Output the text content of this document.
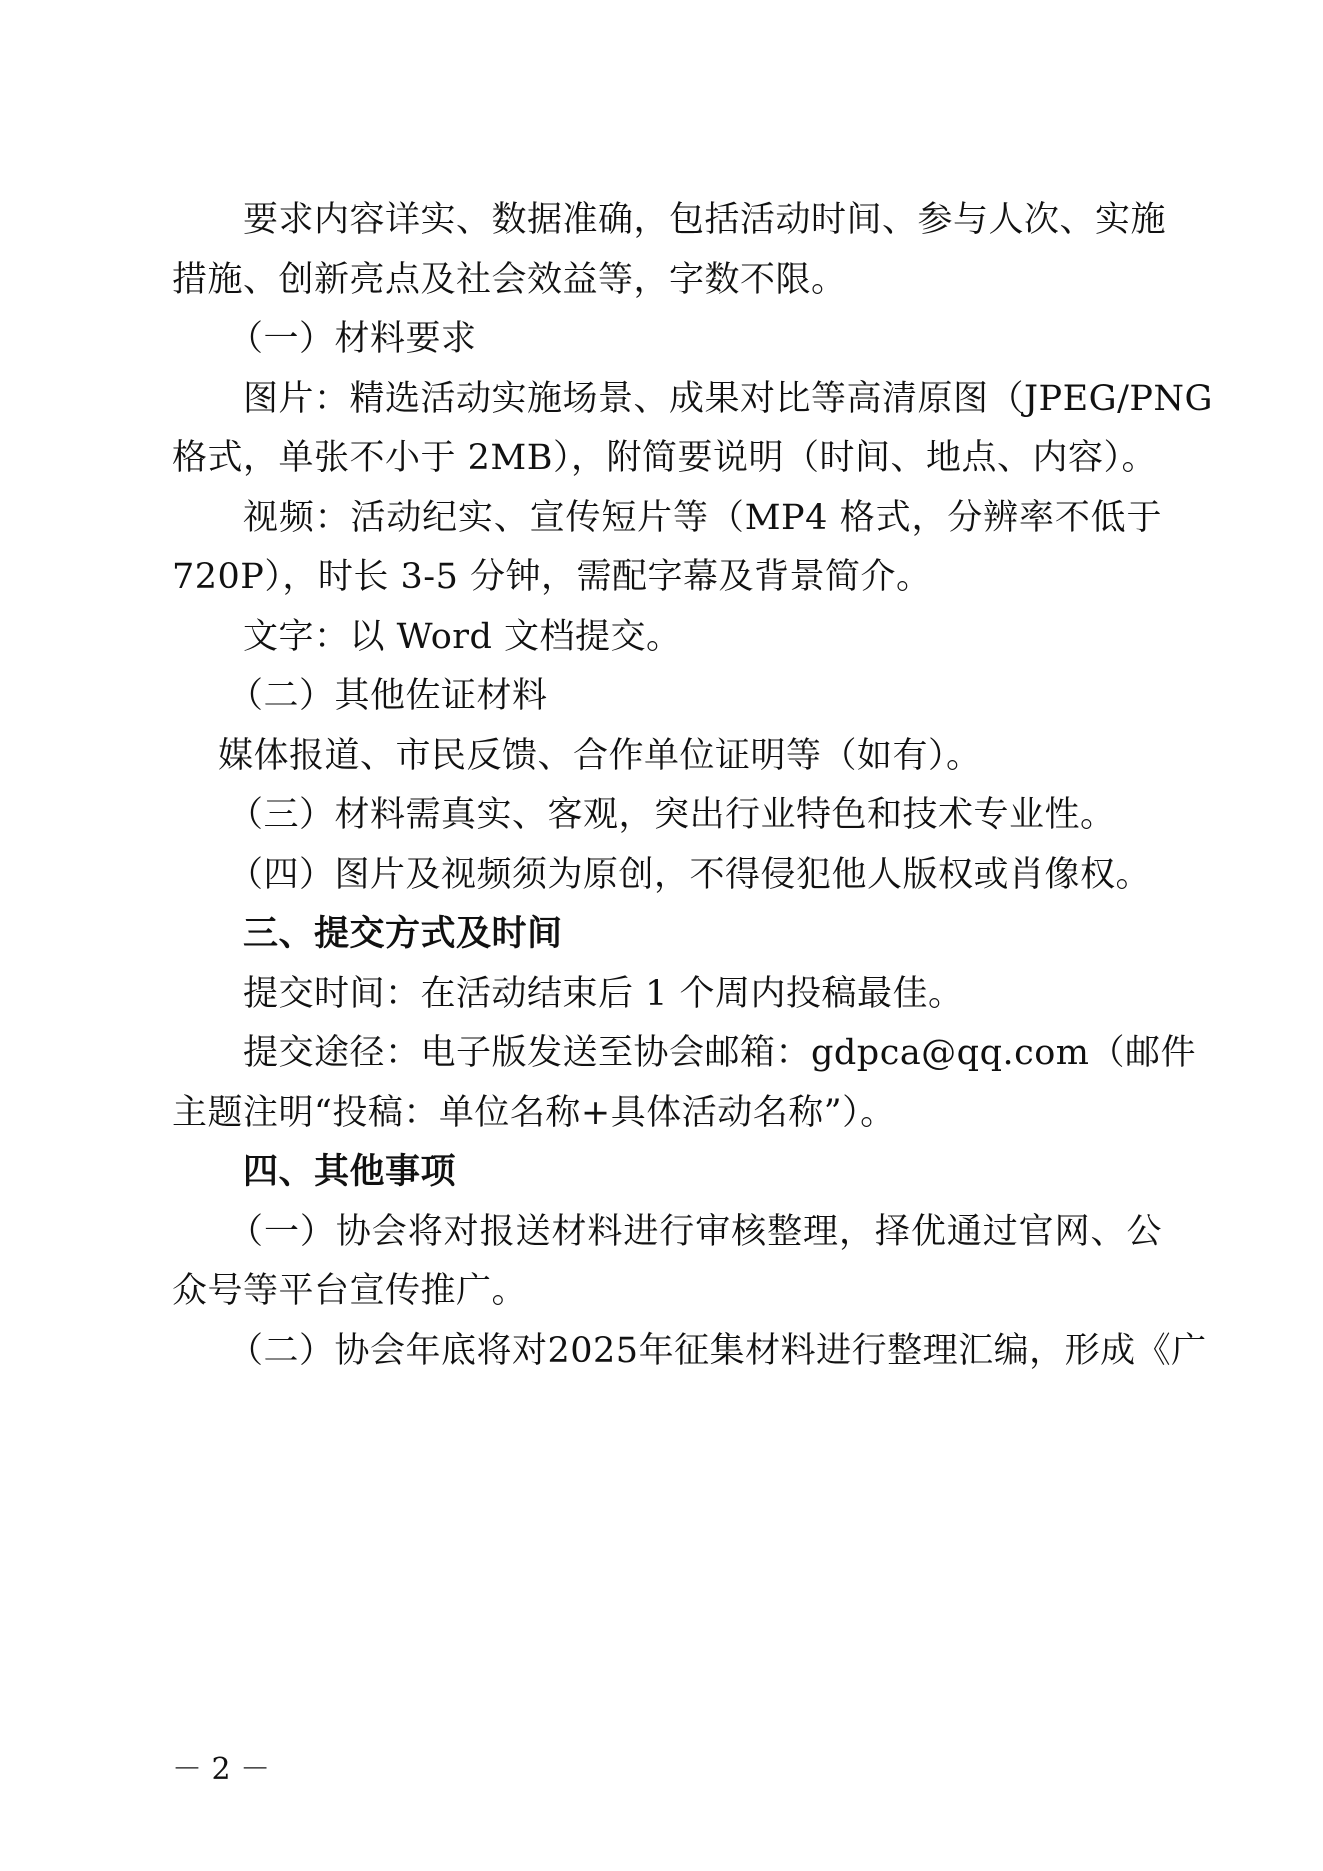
要求内容详实、数据准确，包括活动时间、参与人次、实施
措施、创新亮点及社会效益等，字数不限。
（一）材料要求
图片：精选活动实施场景、成果对比等高清原图（JPEG/PNG
格式，单张不小于 2MB），附简要说明（时间、地点、内容）。
视频：活动纪实、宣传短片等（MP4 格式，分辨率不低于
720P），时长 3-5 分钟，需配字幕及背景简介。
文字：以 Word 文档提交。
（二）其他佐证材料
媒体报道、市民反馈、合作单位证明等（如有）。
（三）材料需真实、客观，突出行业特色和技术专业性。
（四）图片及视频须为原创，不得侵犯他人版权或肖像权。
三、提交方式及时间
提交时间：在活动结束后 1 个周内投稿最佳。
提交途径：电子版发送至协会邮箱：gdpca@qq.com（邮件
主题注明“投稿：单位名称+具体活动名称”）。
四、其他事项
（一）协会将对报送材料进行审核整理，择优通过官网、公
众号等平台宣传推广。
（二）协会年底将对2025年征集材料进行整理汇编，形成《广
－ 2 －
